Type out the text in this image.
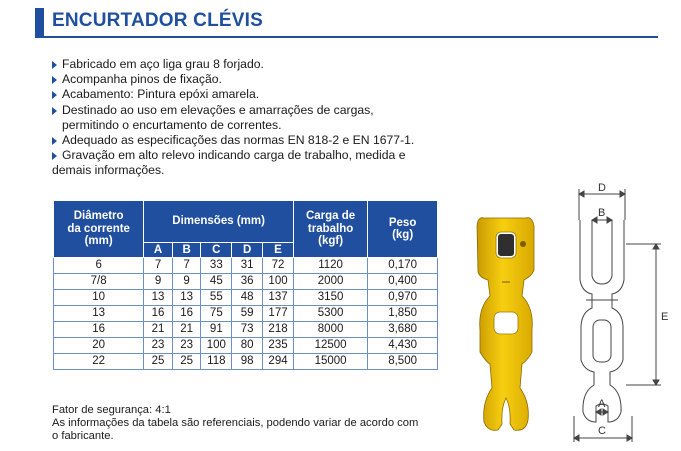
ENCURTADOR CLÉVIS
Fabricado em aço liga grau 8 forjado.
Acompanha pinos de fixação.
Acabamento: Pintura epóxi amarela.
Destinado ao uso em elevações e amarrações de cargas,
permitindo o encurtamento de correntes.
Adequado as especificações das normas EN 818-2 e EN 1677-1.
Gravação em alto relevo indicando carga de trabalho, medida e
demais informações.
Diâmetro
da corrente
(mm)	Dimensões (mm)					Carga de
trabalho
(kgf)	Peso
(kg)
	A	B	C	D	E		
6	7	7	33	31	72	1120	0,170
7/8	9	9	45	36	100	2000	0,400
10	13	13	55	48	137	3150	0,970
13	16	16	75	59	177	5300	1,850
16	21	21	91	73	218	8000	3,680
20	23	23	100	80	235	12500	4,430
22	25	25	118	98	294	15000	8,500
Fator de segurança: 4:1
As informações da tabela são referenciais, podendo variar de acordo com
o fabricante.
D
B
E
A
C
